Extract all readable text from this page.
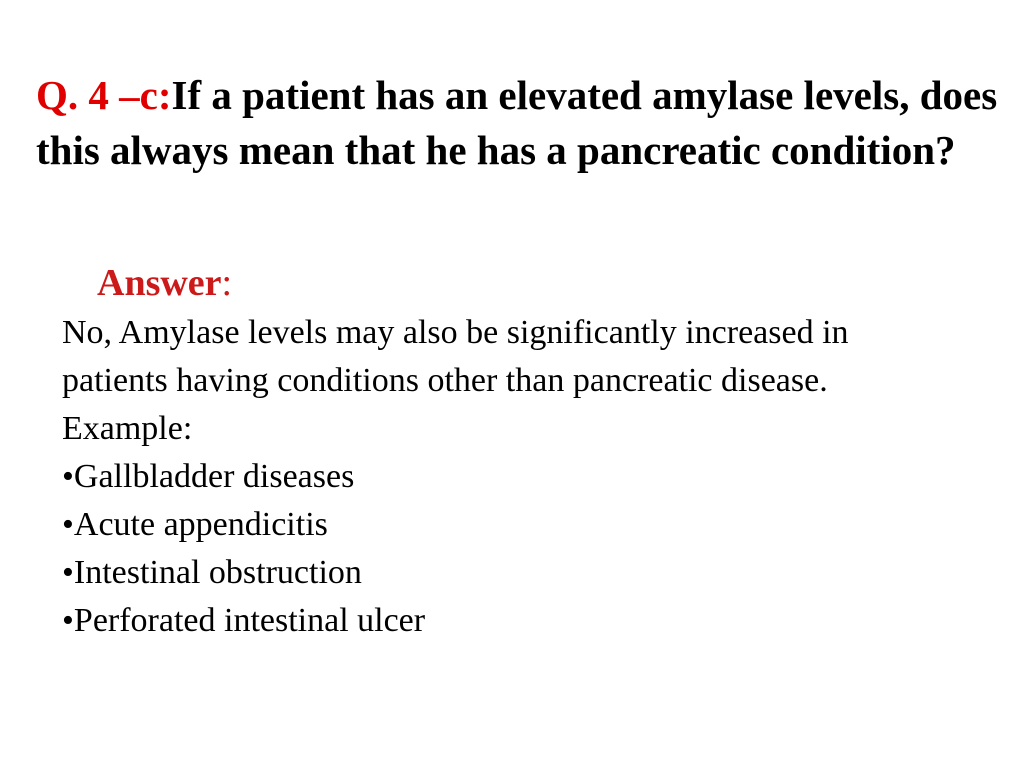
Q. 4 –c:If a patient has an elevated amylase levels, does this always mean that he has a pancreatic condition?
Answer:

No, Amylase levels may also be significantly increased in patients having conditions other than pancreatic disease.

Example:

•Gallbladder diseases
•Acute appendicitis
•Intestinal obstruction
•Perforated intestinal ulcer
